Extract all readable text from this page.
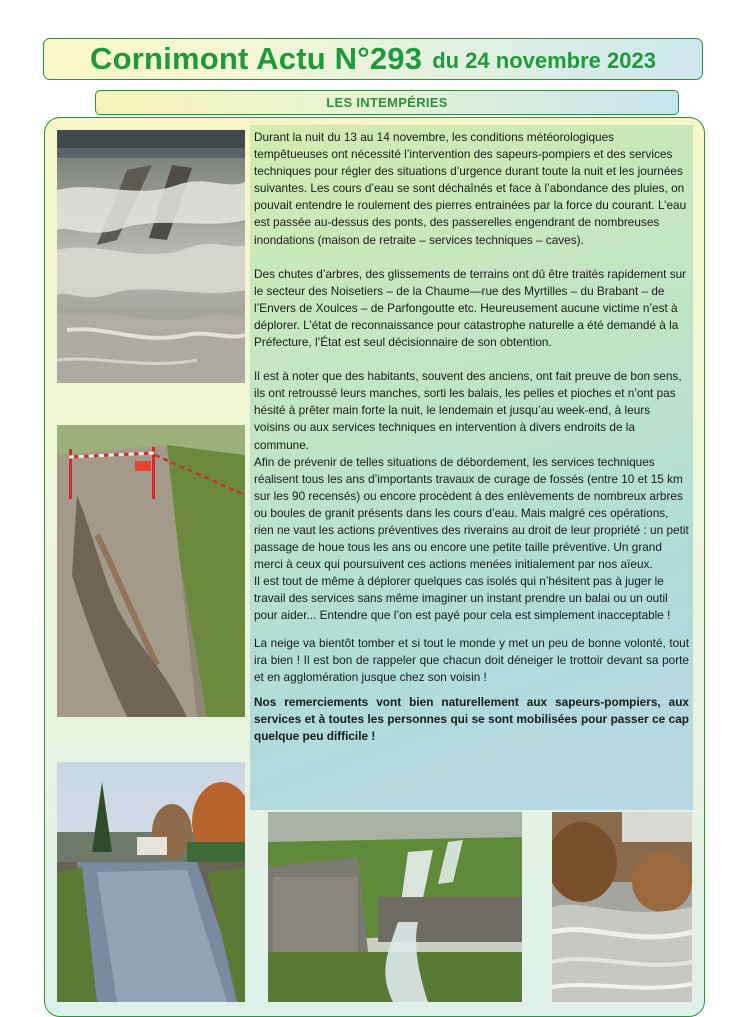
Cornimont Actu N°293 du 24 novembre 2023
LES INTEMPÉRIES

Durant la nuit du 13 au 14 novembre, les conditions météorologiques tempêtueuses ont nécessité l’intervention des sapeurs-pompiers et des services techniques pour régler des situations d’urgence durant toute la nuit et les journées suivantes. Les cours d’eau se sont déchaînés et face à l’abondance des pluies, on pouvait entendre le roulement des pierres entrainées par la force du courant. L’eau est passée au-dessus des ponts, des passerelles engendrant de nombreuses inondations (maison de retraite – services techniques – caves).

Des chutes d’arbres, des glissements de terrains ont dû être traités rapidement sur le secteur des Noisetiers – de la Chaume—rue des Myrtilles – du Brabant – de l’Envers de Xoulces – de Parfongoutte etc. Heureusement aucune victime n’est à déplorer. L’état de reconnaissance pour catastrophe naturelle a été demandé à la Préfecture, l’État est seul décisionnaire de son obtention.

Il est à noter que des habitants, souvent des anciens, ont fait preuve de bon sens, ils ont retroussé leurs manches, sorti les balais, les pelles et pioches et n’ont pas hésité à prêter main forte la nuit, le lendemain et jusqu’au week-end, à leurs voisins ou aux services techniques en intervention à divers endroits de la commune.

Afin de prévenir de telles situations de débordement, les services techniques réalisent tous les ans d’importants travaux de curage de fossés (entre 10 et 15 km sur les 90 recensés) ou encore procèdent à des enlèvements de nombreux arbres ou boules de granit présents dans les cours d’eau. Mais malgré ces opérations, rien ne vaut les actions préventives des riverains au droit de leur propriété : un petit passage de houe tous les ans ou encore une petite taille préventive. Un grand merci à ceux qui poursuivent ces actions menées initialement par nos aïeux.

Il est tout de même à déplorer quelques cas isolés qui n’hésitent pas à juger le travail des services sans même imaginer un instant prendre un balai ou un outil pour aider... Entendre que l’on est payé pour cela est simplement inacceptable !

La neige va bientôt tomber et si tout le monde y met un peu de bonne volonté, tout ira bien ! Il est bon de rappeler que chacun doit déneiger le trottoir devant sa porte et en agglomération jusque chez son voisin !

Nos remerciements vont bien naturellement aux sapeurs-pompiers, aux services et à toutes les personnes qui se sont mobilisées pour passer ce cap quelque peu difficile !
